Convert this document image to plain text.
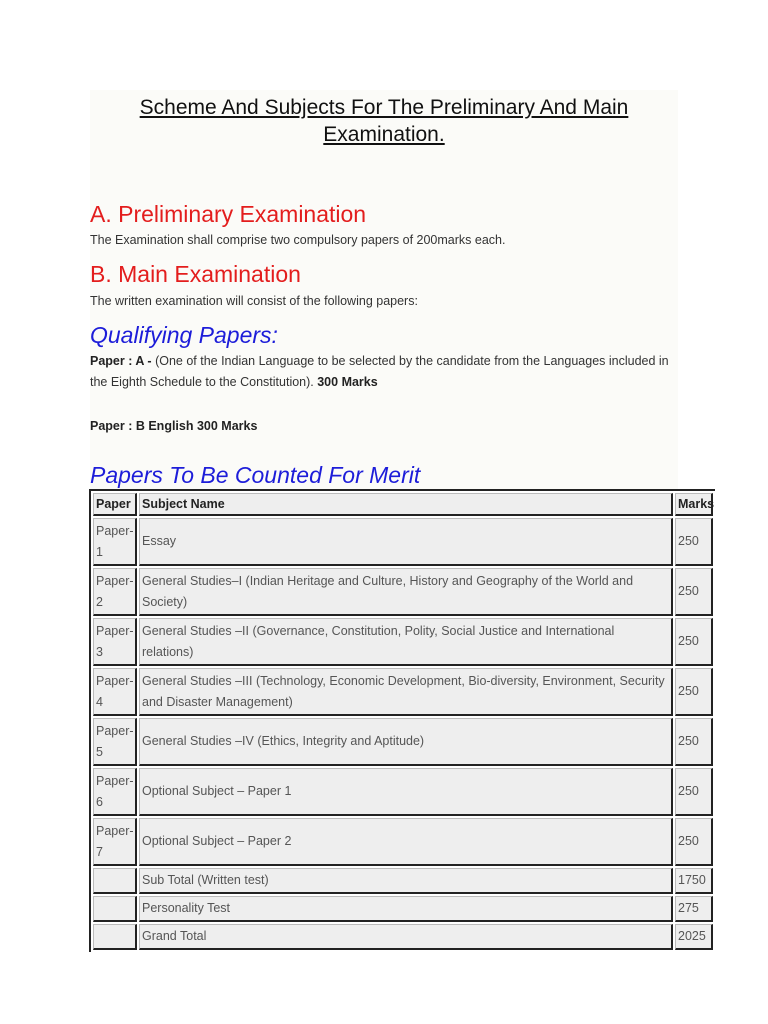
Scheme And Subjects For The Preliminary And Main Examination.
A. Preliminary Examination
The Examination shall comprise two compulsory papers of 200marks each.
B. Main Examination
The written examination will consist of the following papers:
Qualifying Papers:
Paper : A - (One of the Indian Language to be selected by the candidate from the Languages included in the Eighth Schedule to the Constitution). 300 Marks
Paper : B English 300 Marks
Papers To Be Counted For Merit
Paper	Subject Name	Marks
Paper-1	Essay	250
Paper-2	General Studies–I (Indian Heritage and Culture, History and Geography of the World and Society)	250
Paper-3	General Studies –II (Governance, Constitution, Polity, Social Justice and International relations)	250
Paper-4	General Studies –III (Technology, Economic Development, Bio-diversity, Environment, Security and Disaster Management)	250
Paper-5	General Studies –IV (Ethics, Integrity and Aptitude)	250
Paper-6	Optional Subject – Paper 1	250
Paper-7	Optional Subject – Paper 2	250
	Sub Total (Written test)	1750
	Personality Test	275
	Grand Total	2025
